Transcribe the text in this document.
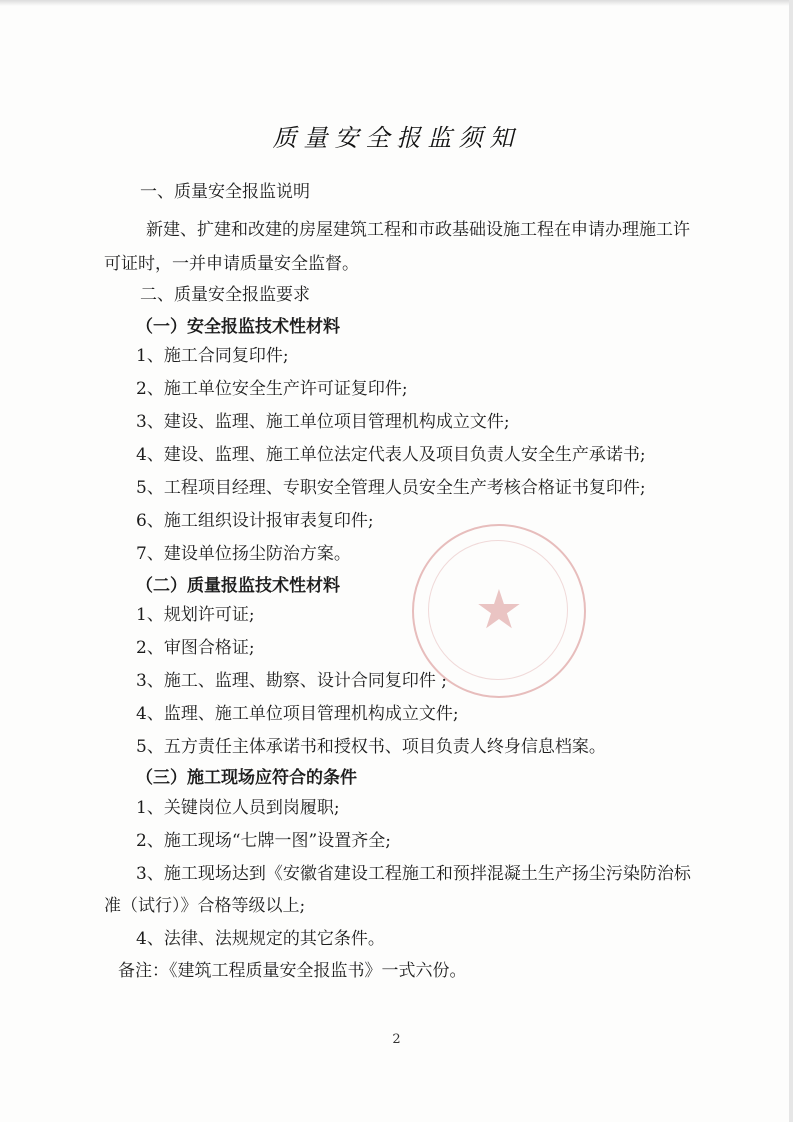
★
质量安全报监须知
一、质量安全报监说明
新建、扩建和改建的房屋建筑工程和市政基础设施工程在申请办理施工许
可证时，一并申请质量安全监督。
二、质量安全报监要求
（一）安全报监技术性材料
1、施工合同复印件;
2、施工单位安全生产许可证复印件;
3、建设、监理、施工单位项目管理机构成立文件;
4、建设、监理、施工单位法定代表人及项目负责人安全生产承诺书;
5、工程项目经理、专职安全管理人员安全生产考核合格证书复印件;
6、施工组织设计报审表复印件;
7、建设单位扬尘防治方案。
（二）质量报监技术性材料
1、规划许可证;
2、审图合格证;
3、施工、监理、勘察、设计合同复印件 ;
4、监理、施工单位项目管理机构成立文件;
5、五方责任主体承诺书和授权书、项目负责人终身信息档案。
（三）施工现场应符合的条件
1、关键岗位人员到岗履职;
2、施工现场“七牌一图”设置齐全;
3、施工现场达到《安徽省建设工程施工和预拌混凝土生产扬尘污染防治标
准（试行）》合格等级以上;
4、法律、法规规定的其它条件。
备注：《建筑工程质量安全报监书》一式六份。
2
